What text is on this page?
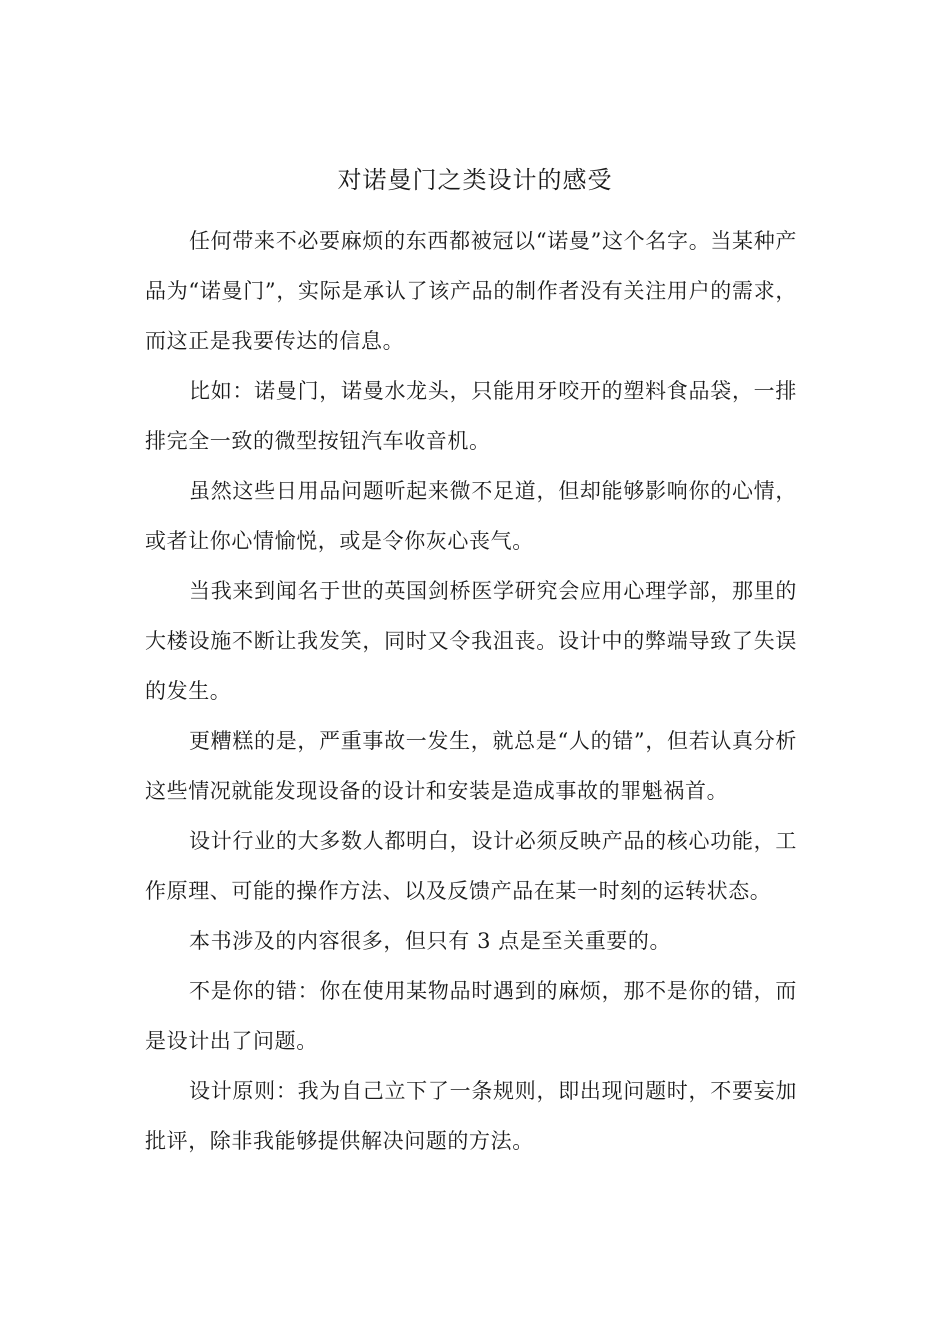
对诺曼门之类设计的感受

任何带来不必要麻烦的东西都被冠以“诺曼”这个名字。当某种产品为“诺曼门”，实际是承认了该产品的制作者没有关注用户的需求，而这正是我要传达的信息。

比如：诺曼门，诺曼水龙头，只能用牙咬开的塑料食品袋，一排排完全一致的微型按钮汽车收音机。

虽然这些日用品问题听起来微不足道，但却能够影响你的心情，或者让你心情愉悦，或是令你灰心丧气。

当我来到闻名于世的英国剑桥医学研究会应用心理学部，那里的大楼设施不断让我发笑，同时又令我沮丧。设计中的弊端导致了失误的发生。

更糟糕的是，严重事故一发生，就总是“人的错”，但若认真分析这些情况就能发现设备的设计和安装是造成事故的罪魁祸首。

设计行业的大多数人都明白，设计必须反映产品的核心功能，工作原理、可能的操作方法、以及反馈产品在某一时刻的运转状态。

本书涉及的内容很多，但只有 3 点是至关重要的。

不是你的错：你在使用某物品时遇到的麻烦，那不是你的错，而是设计出了问题。

设计原则：我为自己立下了一条规则，即出现问题时，不要妄加批评，除非我能够提供解决问题的方法。
